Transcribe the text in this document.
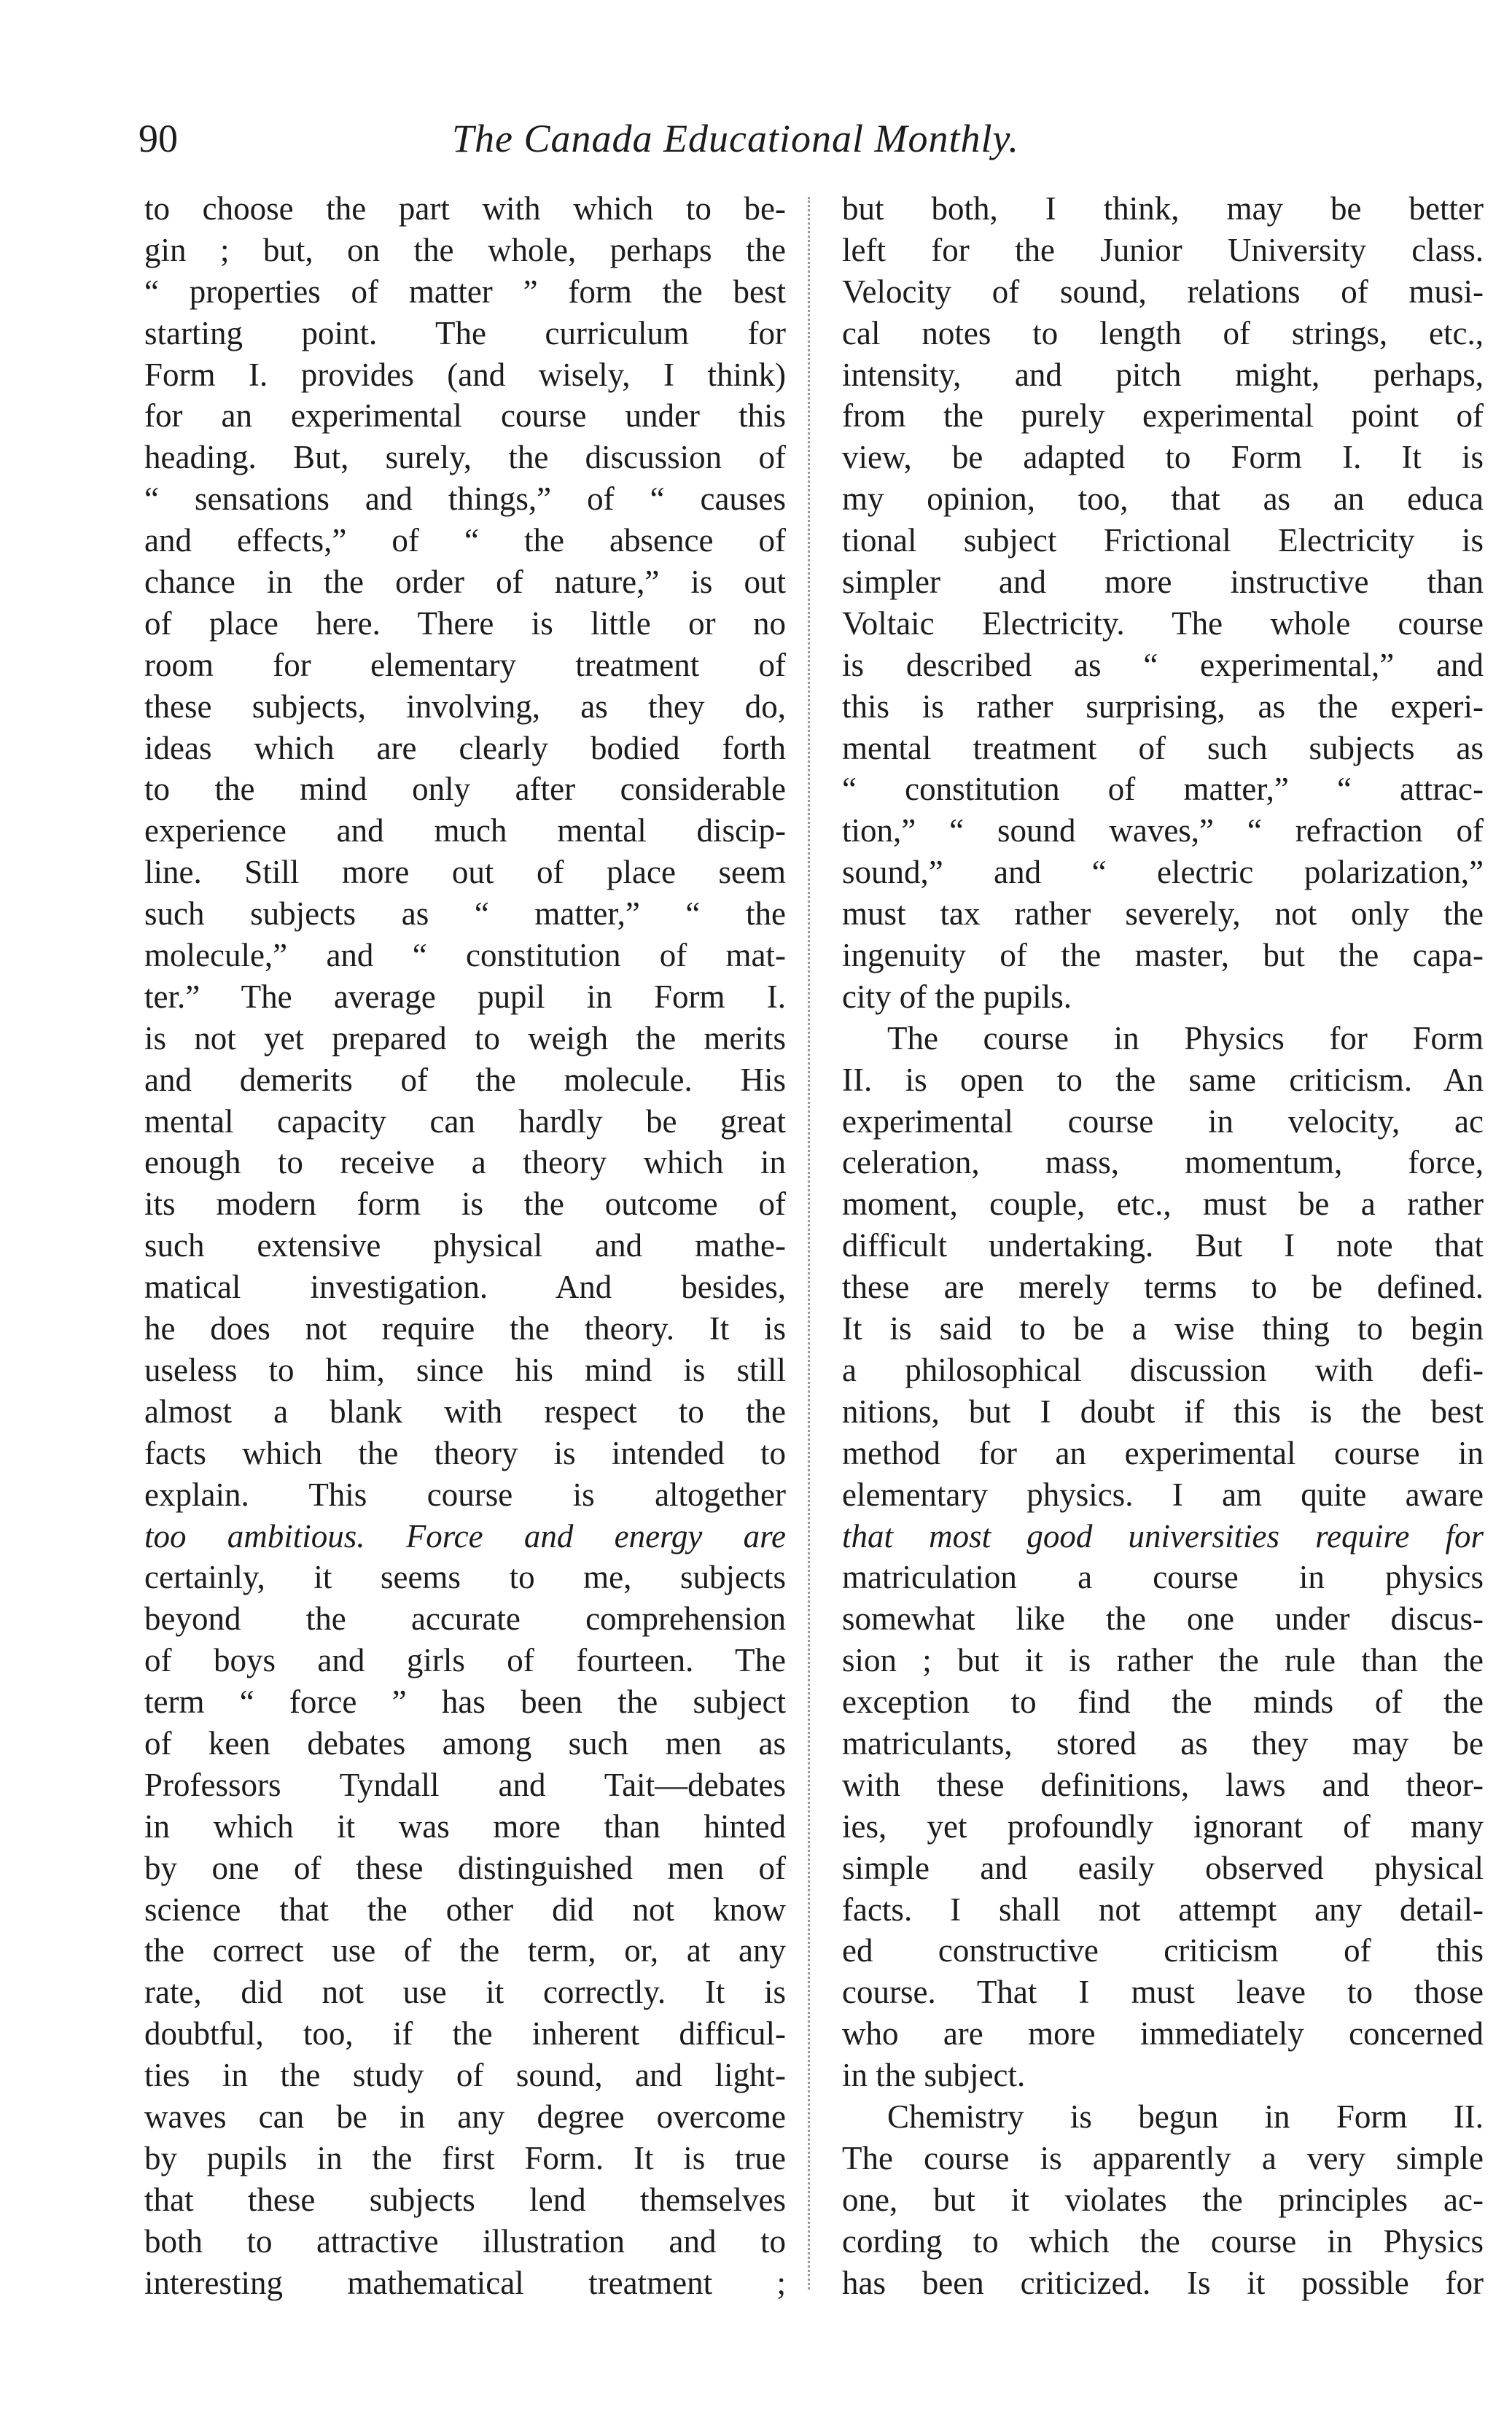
90	The Canada Educational Monthly.
to choose the part with which to be-
gin ; but, on the whole, perhaps the
“ properties of matter ” form the best
starting point. The curriculum for
Form I. provides (and wisely, I think)
for an experimental course under this
heading. But, surely, the discussion of
“ sensations and things,” of “ causes
and effects,” of “ the absence of
chance in the order of nature,” is out
of place here. There is little or no
room for elementary treatment of
these subjects, involving, as they do,
ideas which are clearly bodied forth
to the mind only after considerable
experience and much mental discip-
line. Still more out of place seem
such subjects as “ matter,” “ the
molecule,” and “ constitution of mat-
ter.” The average pupil in Form I.
is not yet prepared to weigh the merits
and demerits of the molecule. His
mental capacity can hardly be great
enough to receive a theory which in
its modern form is the outcome of
such extensive physical and mathe-
matical investigation. And besides,
he does not require the theory. It is
useless to him, since his mind is still
almost a blank with respect to the
facts which the theory is intended to
explain. This course is altogether
too ambitious. Force and energy are
certainly, it seems to me, subjects
beyond the accurate comprehension
of boys and girls of fourteen. The
term “ force ” has been the subject
of keen debates among such men as
Professors Tyndall and Tait—debates
in which it was more than hinted
by one of these distinguished men of
science that the other did not know
the correct use of the term, or, at any
rate, did not use it correctly. It is
doubtful, too, if the inherent difficul-
ties in the study of sound, and light-
waves can be in any degree overcome
by pupils in the first Form. It is true
that these subjects lend themselves
both to attractive illustration and to
interesting mathematical treatment ;
but both, I think, may be better
left for the Junior University class.
Velocity of sound, relations of musi-
cal notes to length of strings, etc.,
intensity, and pitch might, perhaps,
from the purely experimental point of
view, be adapted to Form I. It is
my opinion, too, that as an educa
tional subject Frictional Electricity is
simpler and more instructive than
Voltaic Electricity. The whole course
is described as “ experimental,” and
this is rather surprising, as the experi-
mental treatment of such subjects as
“ constitution of matter,” “ attrac-
tion,” “ sound waves,” “ refraction of
sound,” and “ electric polarization,”
must tax rather severely, not only the
ingenuity of the master, but the capa-
city of the pupils.
The course in Physics for Form
II. is open to the same criticism. An
experimental course in velocity, ac
celeration, mass, momentum, force,
moment, couple, etc., must be a rather
difficult undertaking. But I note that
these are merely terms to be defined.
It is said to be a wise thing to begin
a philosophical discussion with defi-
nitions, but I doubt if this is the best
method for an experimental course in
elementary physics. I am quite aware
that most good universities require for
matriculation a course in physics
somewhat like the one under discus-
sion ; but it is rather the rule than the
exception to find the minds of the
matriculants, stored as they may be
with these definitions, laws and theor-
ies, yet profoundly ignorant of many
simple and easily observed physical
facts. I shall not attempt any detail-
ed constructive criticism of this
course. That I must leave to those
who are more immediately concerned
in the subject.
Chemistry is begun in Form II.
The course is apparently a very simple
one, but it violates the principles ac-
cording to which the course in Physics
has been criticized. Is it possible for
